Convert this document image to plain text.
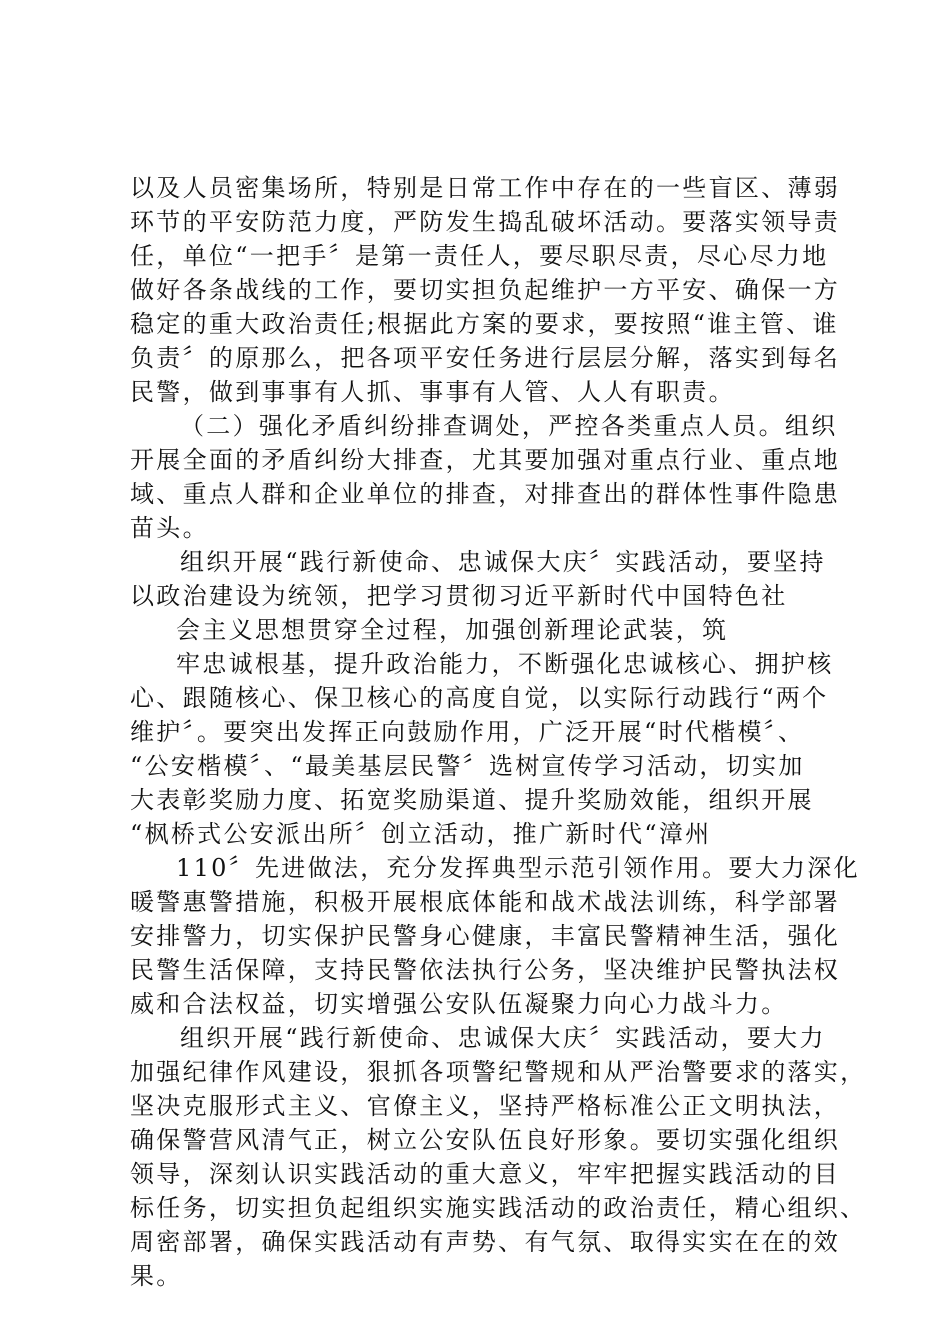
以及人员密集场所，特别是日常工作中存在的一些盲区、薄弱
环节的平安防范力度，严防发生捣乱破坏活动。要落实领导责
任，单位“一把手〞是第一责任人，要尽职尽责，尽心尽力地
做好各条战线的工作，要切实担负起维护一方平安、确保一方
稳定的重大政治责任;根据此方案的要求，要按照“谁主管、谁
负责〞的原那么，把各项平安任务进行层层分解，落实到每名
民警，做到事事有人抓、事事有人管、人人有职责。
（二）强化矛盾纠纷排查调处，严控各类重点人员。组织
开展全面的矛盾纠纷大排查，尤其要加强对重点行业、重点地
域、重点人群和企业单位的排查，对排查出的群体性事件隐患
苗头。
组织开展“践行新使命、忠诚保大庆〞实践活动，要坚持
以政治建设为统领，把学习贯彻习近平新时代中国特色社
会主义思想贯穿全过程，加强创新理论武装，筑
牢忠诚根基，提升政治能力，不断强化忠诚核心、拥护核
心、跟随核心、保卫核心的高度自觉，以实际行动践行“两个
维护〞。要突出发挥正向鼓励作用，广泛开展“时代楷模〞、
“公安楷模〞、“最美基层民警〞选树宣传学习活动，切实加
大表彰奖励力度、拓宽奖励渠道、提升奖励效能，组织开展
“枫桥式公安派出所〞创立活动，推广新时代“漳州
110〞先进做法，充分发挥典型示范引领作用。要大力深化
暖警惠警措施，积极开展根底体能和战术战法训练，科学部署
安排警力，切实保护民警身心健康，丰富民警精神生活，强化
民警生活保障，支持民警依法执行公务，坚决维护民警执法权
威和合法权益，切实增强公安队伍凝聚力向心力战斗力。
组织开展“践行新使命、忠诚保大庆〞实践活动，要大力
加强纪律作风建设，狠抓各项警纪警规和从严治警要求的落实，
坚决克服形式主义、官僚主义，坚持严格标准公正文明执法，
确保警营风清气正，树立公安队伍良好形象。要切实强化组织
领导，深刻认识实践活动的重大意义，牢牢把握实践活动的目
标任务，切实担负起组织实施实践活动的政治责任，精心组织、
周密部署，确保实践活动有声势、有气氛、取得实实在在的效
果。
